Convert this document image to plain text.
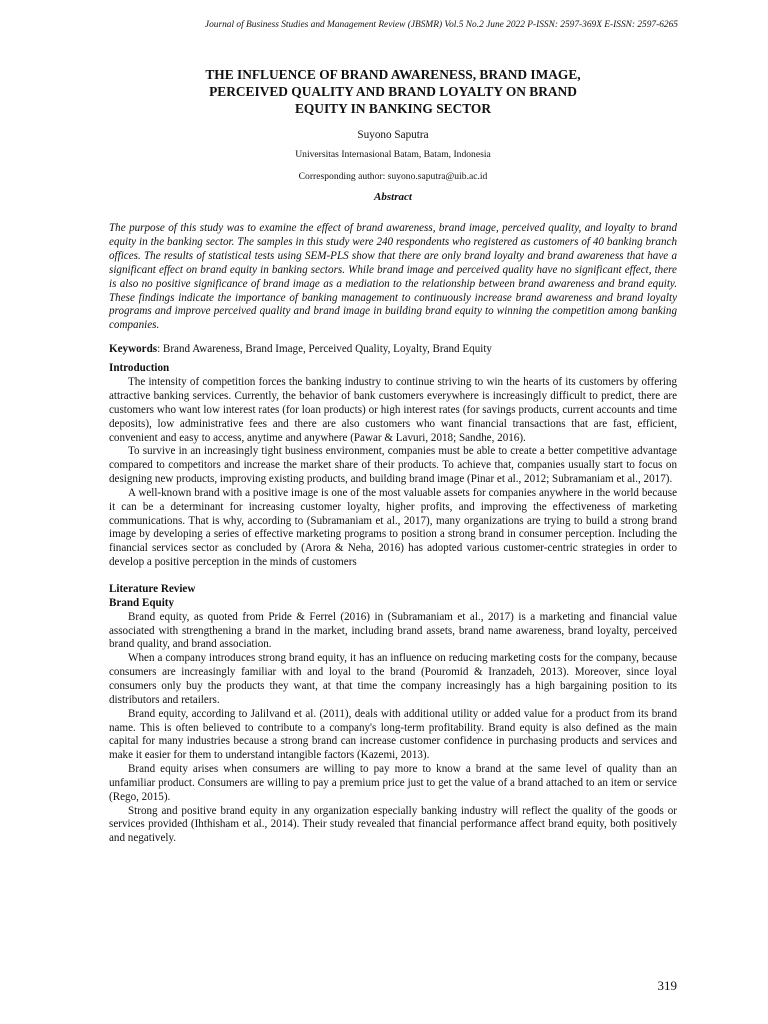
Journal of Business Studies and Management Review (JBSMR) Vol.5 No.2 June 2022 P-ISSN: 2597-369X E-ISSN: 2597-6265

THE INFLUENCE OF BRAND AWARENESS, BRAND IMAGE,
PERCEIVED QUALITY AND BRAND LOYALTY ON BRAND
EQUITY IN BANKING SECTOR

Suyono Saputra
Universitas Internasional Batam, Batam, Indonesia
Corresponding author: suyono.saputra@uib.ac.id
Abstract

The purpose of this study was to examine the effect of brand awareness, brand image, perceived quality, and loyalty to brand equity in the banking sector. The samples in this study were 240 respondents who registered as customers of 40 banking branch offices. The results of statistical tests using SEM-PLS show that there are only brand loyalty and brand awareness that have a significant effect on brand equity in banking sectors. While brand image and perceived quality have no significant effect, there is also no positive significance of brand image as a mediation to the relationship between brand awareness and brand equity. These findings indicate the importance of banking management to continuously increase brand awareness and brand loyalty programs and improve perceived quality and brand image in building brand equity to winning the competition among banking companies.

Keywords: Brand Awareness, Brand Image, Perceived Quality, Loyalty, Brand Equity
Introduction

The intensity of competition forces the banking industry to continue striving to win the hearts of its customers by offering attractive banking services. Currently, the behavior of bank customers everywhere is increasingly difficult to predict, there are customers who want low interest rates (for loan products) or high interest rates (for savings products, current accounts and time deposits), low administrative fees and there are also customers who want financial transactions that are fast, efficient, convenient and easy to access, anytime and anywhere (Pawar & Lavuri, 2018; Sandhe, 2016).

To survive in an increasingly tight business environment, companies must be able to create a better competitive advantage compared to competitors and increase the market share of their products. To achieve that, companies usually start to focus on designing new products, improving existing products, and building brand image (Pinar et al., 2012; Subramaniam et al., 2017).

A well-known brand with a positive image is one of the most valuable assets for companies anywhere in the world because it can be a determinant for increasing customer loyalty, higher profits, and improving the effectiveness of marketing communications. That is why, according to (Subramaniam et al., 2017), many organizations are trying to build a strong brand image by developing a series of effective marketing programs to position a strong brand in consumer perception. Including the financial services sector as concluded by (Arora & Neha, 2016) has adopted various customer-centric strategies in order to develop a positive perception in the minds of customers

Literature Review
Brand Equity

Brand equity, as quoted from Pride & Ferrel (2016) in (Subramaniam et al., 2017) is a marketing and financial value associated with strengthening a brand in the market, including brand assets, brand name awareness, brand loyalty, perceived brand quality, and brand association.

When a company introduces strong brand equity, it has an influence on reducing marketing costs for the company, because consumers are increasingly familiar with and loyal to the brand (Pouromid & Iranzadeh, 2013). Moreover, since loyal consumers only buy the products they want, at that time the company increasingly has a high bargaining position to its distributors and retailers.

Brand equity, according to Jalilvand et al. (2011), deals with additional utility or added value for a product from its brand name. This is often believed to contribute to a company's long-term profitability. Brand equity is also defined as the main capital for many industries because a strong brand can increase customer confidence in purchasing products and services and make it easier for them to understand intangible factors (Kazemi, 2013).

Brand equity arises when consumers are willing to pay more to know a brand at the same level of quality than an unfamiliar product. Consumers are willing to pay a premium price just to get the value of a brand attached to an item or service (Rego, 2015).

Strong and positive brand equity in any organization especially banking industry will reflect the quality of the goods or services provided (Ihthisham et al., 2014). Their study revealed that financial performance affect brand equity, both positively and negatively.

319
